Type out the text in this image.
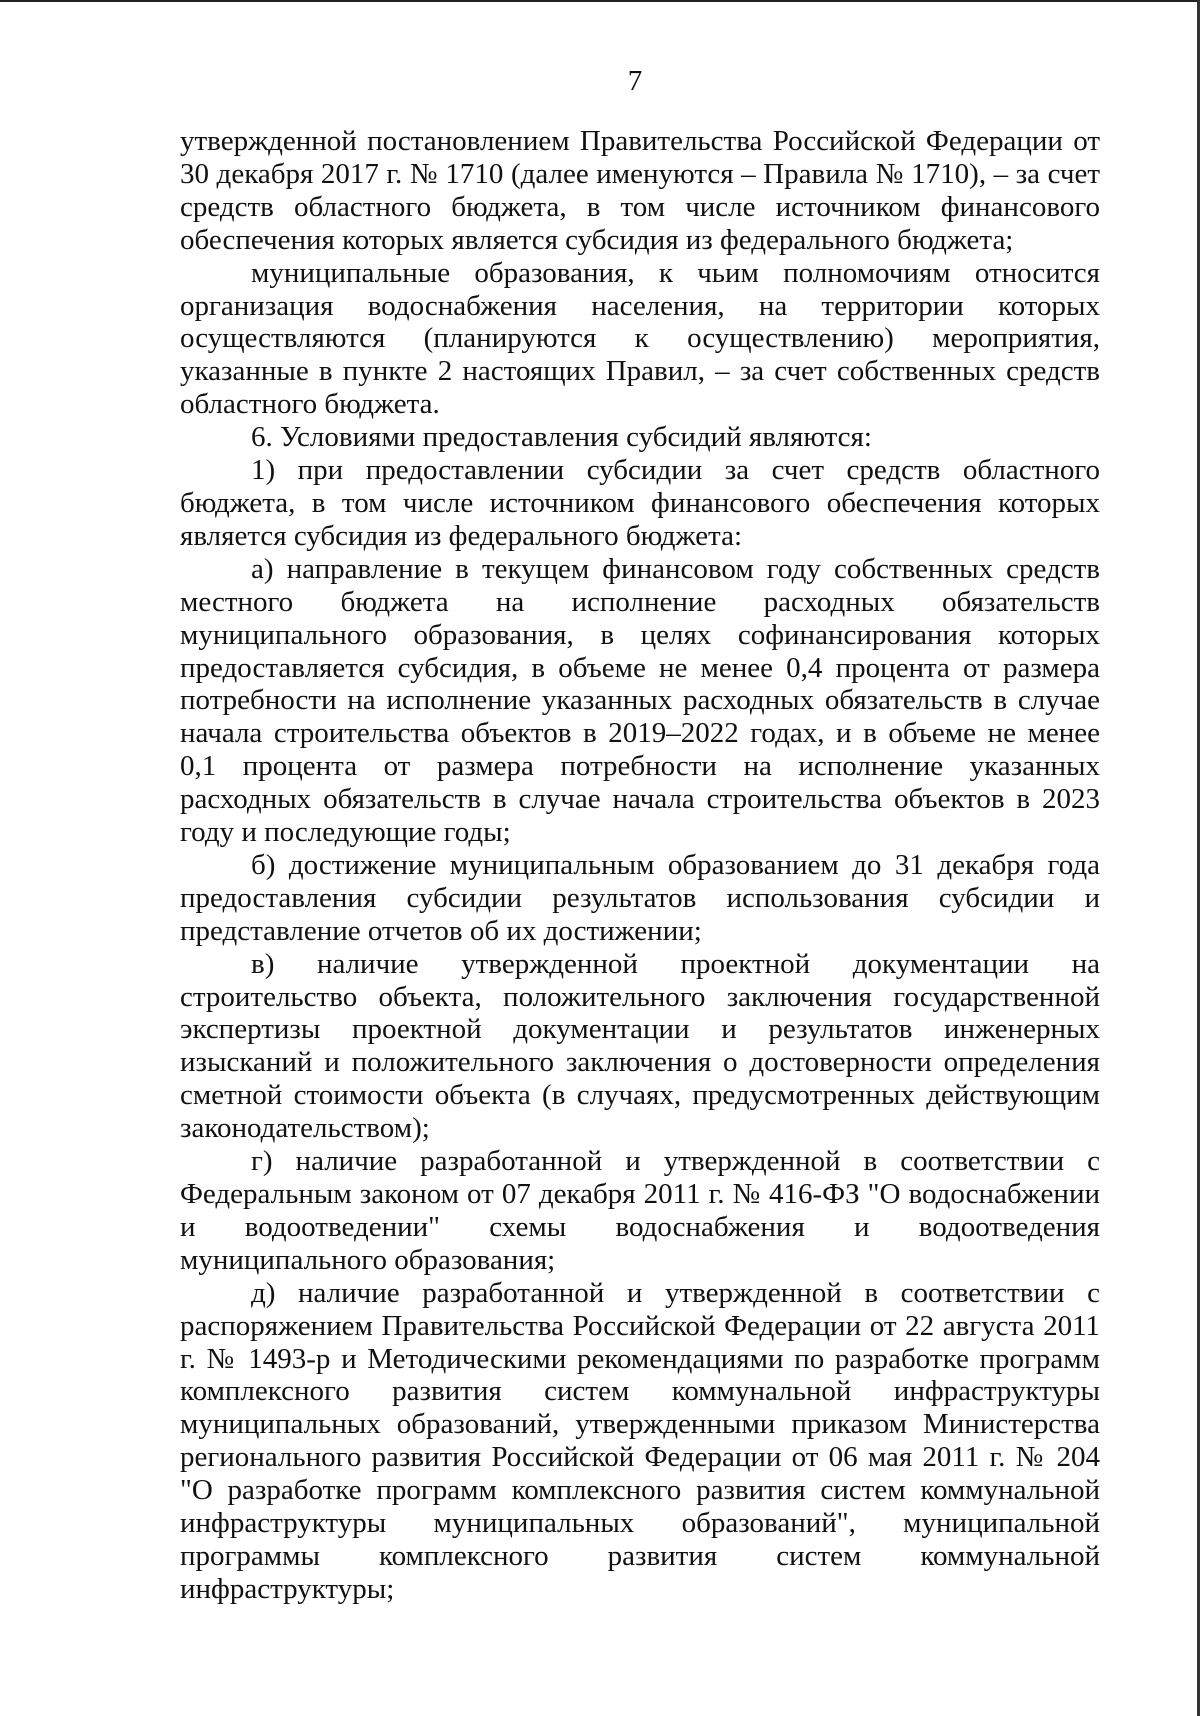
7

утвержденной постановлением Правительства Российской Федерации от 30 декабря 2017 г. № 1710 (далее именуются – Правила № 1710), – за счет средств областного бюджета, в том числе источником финансового обеспечения которых является субсидия из федерального бюджета;

муниципальные образования, к чьим полномочиям относится организация водоснабжения населения, на территории которых осуществляются (планируются к осуществлению) мероприятия, указанные в пункте 2 настоящих Правил, – за счет собственных средств областного бюджета.

6. Условиями предоставления субсидий являются:

1) при предоставлении субсидии за счет средств областного бюджета, в том числе источником финансового обеспечения которых является субсидия из федерального бюджета:

а) направление в текущем финансовом году собственных средств местного бюджета на исполнение расходных обязательств муниципального образования, в целях софинансирования которых предоставляется субсидия, в объеме не менее 0,4 процента от размера потребности на исполнение указанных расходных обязательств в случае начала строительства объектов в 2019–2022 годах, и в объеме не менее 0,1 процента от размера потребности на исполнение указанных расходных обязательств в случае начала строительства объектов в 2023 году и последующие годы;

б) достижение муниципальным образованием до 31 декабря года предоставления субсидии результатов использования субсидии и представление отчетов об их достижении;

в) наличие утвержденной проектной документации на строительство объекта, положительного заключения государственной экспертизы проектной документации и результатов инженерных изысканий и положительного заключения о достоверности определения сметной стоимости объекта (в случаях, предусмотренных действующим законодательством);

г) наличие разработанной и утвержденной в соответствии с Федеральным законом от 07 декабря 2011 г. № 416-ФЗ "О водоснабжении и водоотведении" схемы водоснабжения и водоотведения муниципального образования;

д) наличие разработанной и утвержденной в соответствии с распоряжением Правительства Российской Федерации от 22 августа 2011 г. № 1493-р и Методическими рекомендациями по разработке программ комплексного развития систем коммунальной инфраструктуры муниципальных образований, утвержденными приказом Министерства регионального развития Российской Федерации от 06 мая 2011 г. № 204 "О разработке программ комплексного развития систем коммунальной инфраструктуры муниципальных образований", муниципальной программы комплексного развития систем коммунальной инфраструктуры;
